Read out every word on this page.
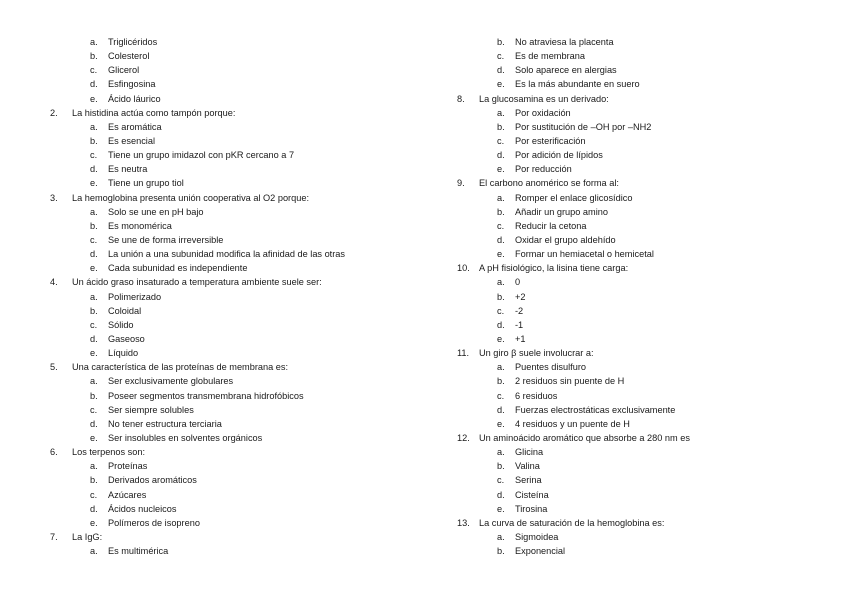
a.	Triglicéridos
b.	Colesterol
c.	Glicerol
d.	Esfingosina
e.	Ácido láurico
2.	La histidina actúa como tampón porque:
a.	Es aromática
b.	Es esencial
c.	Tiene un grupo imidazol con pKR cercano a 7
d.	Es neutra
e.	Tiene un grupo tiol
3.	La hemoglobina presenta unión cooperativa al O2 porque:
a.	Solo se une en pH bajo
b.	Es monomérica
c.	Se une de forma irreversible
d.	La unión a una subunidad modifica la afinidad de las otras
e.	Cada subunidad es independiente
4.	Un ácido graso insaturado a temperatura ambiente suele ser:
a.	Polimerizado
b.	Coloidal
c.	Sólido
d.	Gaseoso
e.	Líquido
5.	Una característica de las proteínas de membrana es:
a.	Ser exclusivamente globulares
b.	Poseer segmentos transmembrana hidrofóbicos
c.	Ser siempre solubles
d.	No tener estructura terciaria
e.	Ser insolubles en solventes orgánicos
6.	Los terpenos son:
a.	Proteínas
b.	Derivados aromáticos
c.	Azúcares
d.	Ácidos nucleicos
e.	Polímeros de isopreno
7.	La IgG:
a.	Es multimérica
b.	No atraviesa la placenta
c.	Es de membrana
d.	Solo aparece en alergias
e.	Es la más abundante en suero
8.	La glucosamina es un derivado:
a.	Por oxidación
b.	Por sustitución de –OH por –NH2
c.	Por esterificación
d.	Por adición de lípidos
e.	Por reducción
9.	El carbono anomérico se forma al:
a.	Romper el enlace glicosídico
b.	Añadir un grupo amino
c.	Reducir la cetona
d.	Oxidar el grupo aldehído
e.	Formar un hemiacetal o hemicetal
10.	A pH fisiológico, la lisina tiene carga:
a.	0
b.	+2
c.	-2
d.	-1
e.	+1
11.	Un giro β suele involucrar a:
a.	Puentes disulfuro
b.	2 residuos sin puente de H
c.	6 residuos
d.	Fuerzas electrostáticas exclusivamente
e.	4 residuos y un puente de H
12.	Un aminoácido aromático que absorbe a 280 nm es
a.	Glicina
b.	Valina
c.	Serina
d.	Cisteína
e.	Tirosina
13.	La curva de saturación de la hemoglobina es:
a.	Sigmoidea
b.	Exponencial
